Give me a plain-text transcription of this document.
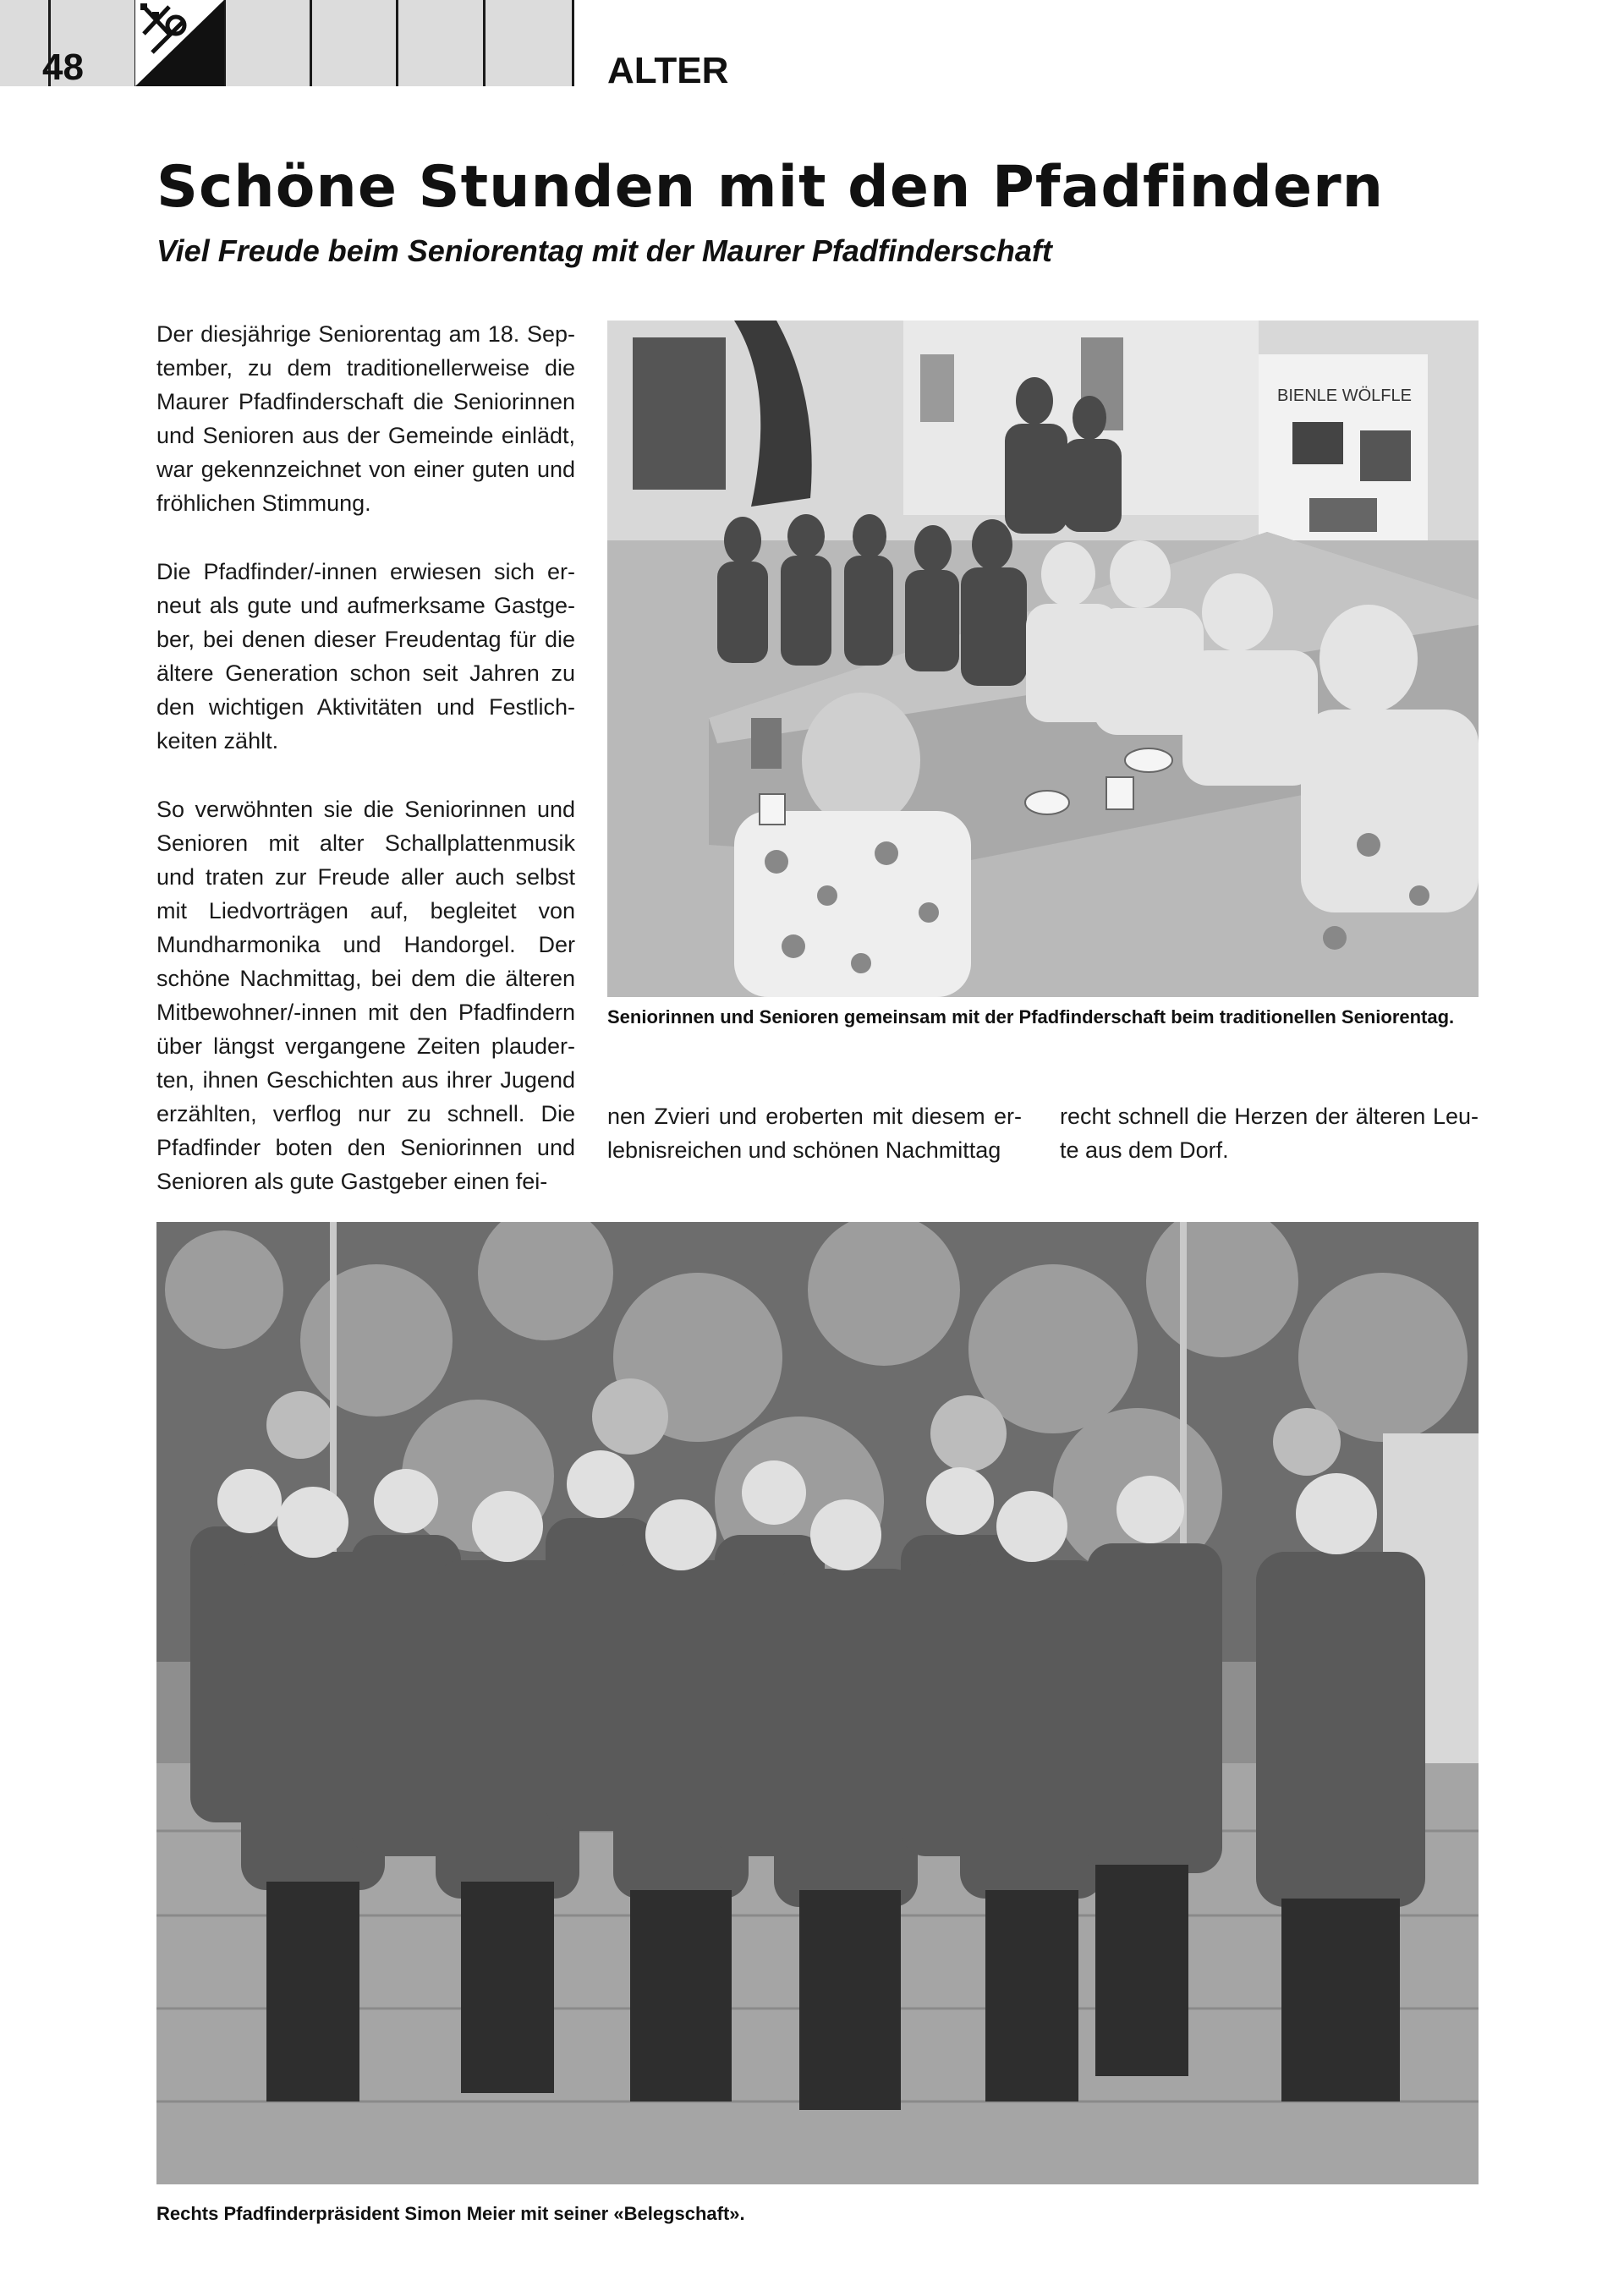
48	ALTER
Schöne Stunden mit den Pfadfindern
Viel Freude beim Seniorentag mit der Maurer Pfadfinderschaft

Der diesjährige Seniorentag am 18. September, zu dem traditionellerweise die Maurer Pfadfinderschaft die Seniorinnen und Senioren aus der Gemeinde einlädt, war gekennzeichnet von einer guten und fröhlichen Stimmung.

Die Pfadfinder/-innen erwiesen sich erneut als gute und aufmerksame Gastgeber, bei denen dieser Freudentag für die ältere Generation schon seit Jahren zu den wichtigen Aktivitäten und Festlichkeiten zählt.

So verwöhnten sie die Seniorinnen und Senioren mit alter Schallplattenmusik und traten zur Freude aller auch selbst mit Liedvorträgen auf, begleitet von Mundharmonika und Handorgel. Der schöne Nachmittag, bei dem die älteren Mitbewohner/-innen mit den Pfadfindern über längst vergangene Zeiten plauderten, ihnen Geschichten aus ihrer Jugend erzählten, verflog nur zu schnell. Die Pfadfinder boten den Seniorinnen und Senioren als gute Gastgeber einen fei-

BIENLE WÖLFLE
Seniorinnen und Senioren gemeinsam mit der Pfadfinderschaft beim traditionellen Seniorentag.

nen Zvieri und eroberten mit diesem erlebnisreichen und schönen Nachmittag

recht schnell die Herzen der älteren Leute aus dem Dorf.

Rechts Pfadfinderpräsident Simon Meier mit seiner «Belegschaft».
